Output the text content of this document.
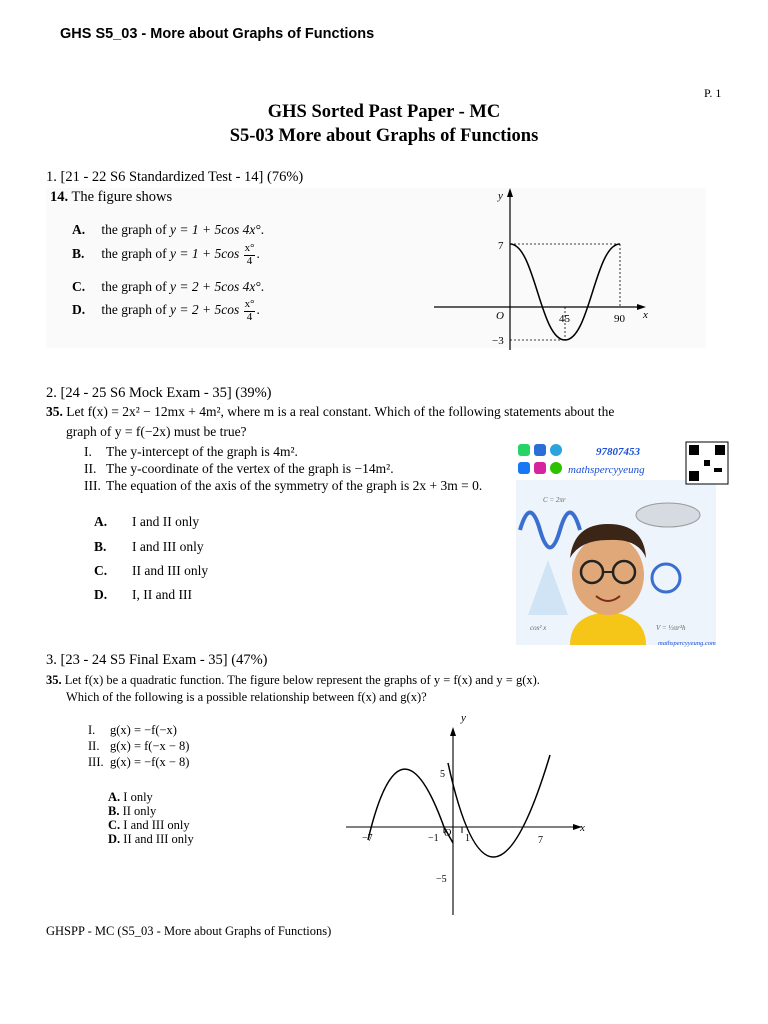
GHS S5_03 - More about Graphs of Functions
P. 1
GHS Sorted Past Paper - MC
S5-03 More about Graphs of Functions
1. [21 - 22 S6 Standardized Test - 14] (76%)
14. The figure shows
A. the graph of y = 1 + 5cos 4x°.
B. the graph of $y = 1 + 5\cos \frac{x^\circ}{4}$ .
C. the graph of y = 2 + 5cos 4x°.
D. the graph of $y = 2 + 5\cos \frac{x^\circ}{4}$ .
y
x
O
7
−3
45	90
2. [24 - 25 S6 Mock Exam - 35] (39%)
35. Let f(x) = 2x² − 12mx + 4m², where m is a real constant. Which of the following statements about the
graph of y = f(−2x) must be true?
I. The y-intercept of the graph is 4m².
II. The y-coordinate of the vertex of the graph is −14m².
III. The equation of the axis of the symmetry of the graph is 2x + 3m = 0.
A. I and II only
B. I and III only
C. II and III only
D. I, II and III
97807453
mathspercyyeung
C = 2πr
V = ⅓πr²h
cos² x
mathspercyyeung.com
3. [23 - 24 S5 Final Exam - 35] (47%)
35. Let f(x) be a quadratic function. The figure below represent the graphs of y = f(x) and y = g(x).
Which of the following is a possible relationship between f(x) and g(x)?
I. g(x) = −f(−x)
II. g(x) = f(−x − 8)
III. g(x) = −f(x − 8)
A. I only
B. II only
C. I and III only
D. II and III only
y
x
O
5
−5
−7	−1	1	7
GHSPP - MC (S5_03 - More about Graphs of Functions)
